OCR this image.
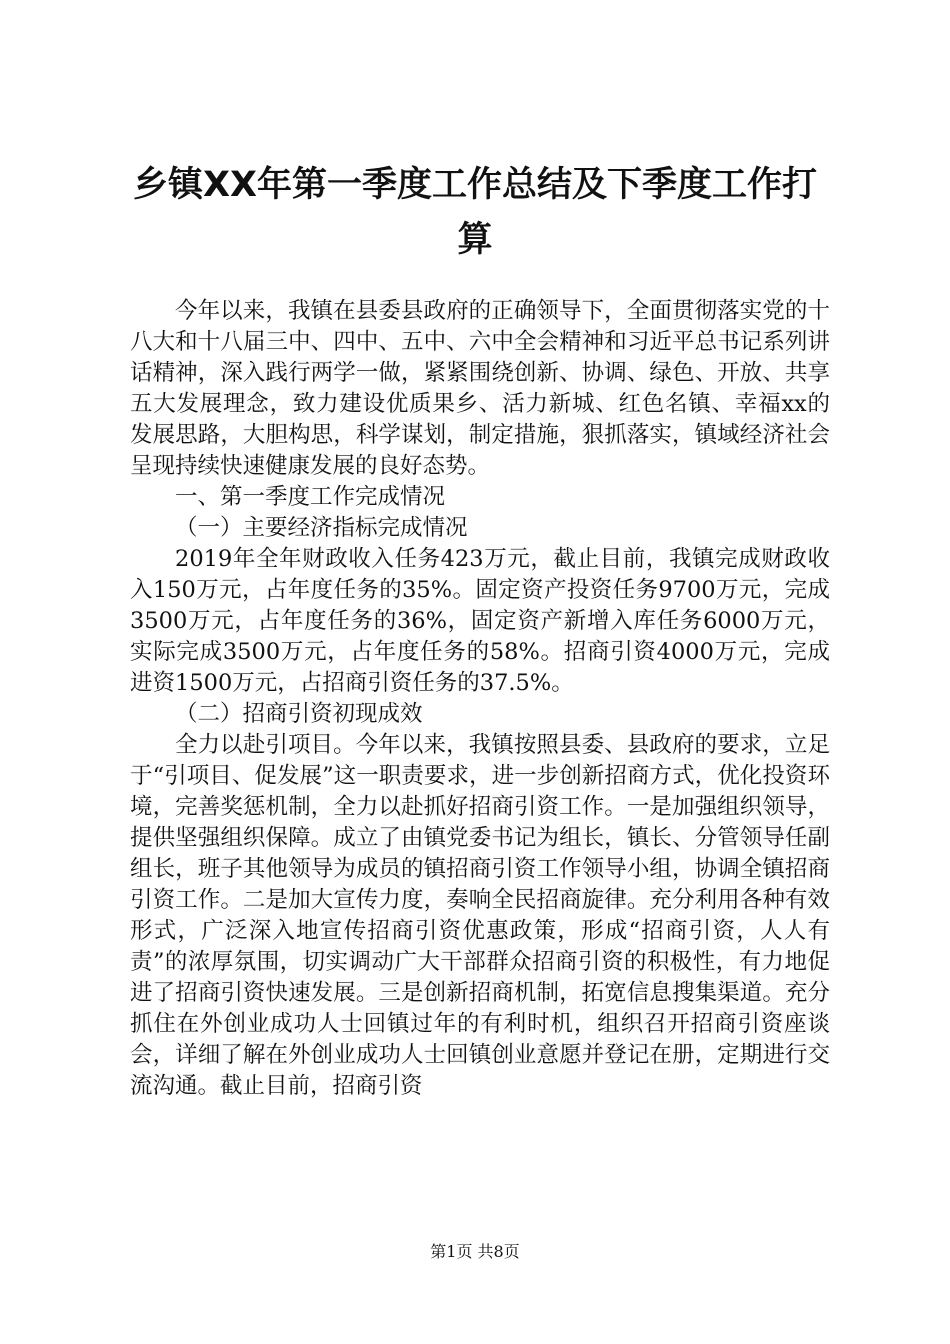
乡镇XX年第一季度工作总结及下季度工作打
算

今年以来，我镇在县委县政府的正确领导下，全面贯彻落实党的十八大和十八届三中、四中、五中、六中全会精神和习近平总书记系列讲话精神，深入践行两学一做，紧紧围绕创新、协调、绿色、开放、共享五大发展理念，致力建设优质果乡、活力新城、红色名镇、幸福xx的发展思路，大胆构思，科学谋划，制定措施，狠抓落实，镇域经济社会呈现持续快速健康发展的良好态势。

一、第一季度工作完成情况
（一）主要经济指标完成情况

2019年全年财政收入任务423万元，截止目前，我镇完成财政收入150万元，占年度任务的35%。固定资产投资任务9700万元，完成3500万元，占年度任务的36%，固定资产新增入库任务6000万元，实际完成3500万元，占年度任务的58%。招商引资4000万元，完成进资1500万元，占招商引资任务的37.5%。

（二）招商引资初现成效

全力以赴引项目。今年以来，我镇按照县委、县政府的要求，立足于“引项目、促发展”这一职责要求，进一步创新招商方式，优化投资环境，完善奖惩机制，全力以赴抓好招商引资工作。一是加强组织领导，提供坚强组织保障。成立了由镇党委书记为组长，镇长、分管领导任副组长，班子其他领导为成员的镇招商引资工作领导小组，协调全镇招商引资工作。二是加大宣传力度，奏响全民招商旋律。充分利用各种有效形式，广泛深入地宣传招商引资优惠政策，形成“招商引资，人人有责”的浓厚氛围，切实调动广大干部群众招商引资的积极性，有力地促进了招商引资快速发展。三是创新招商机制，拓宽信息搜集渠道。充分抓住在外创业成功人士回镇过年的有利时机，组织召开招商引资座谈会，详细了解在外创业成功人士回镇创业意愿并登记在册，定期进行交流沟通。截止目前，招商引资

第1页 共8页
